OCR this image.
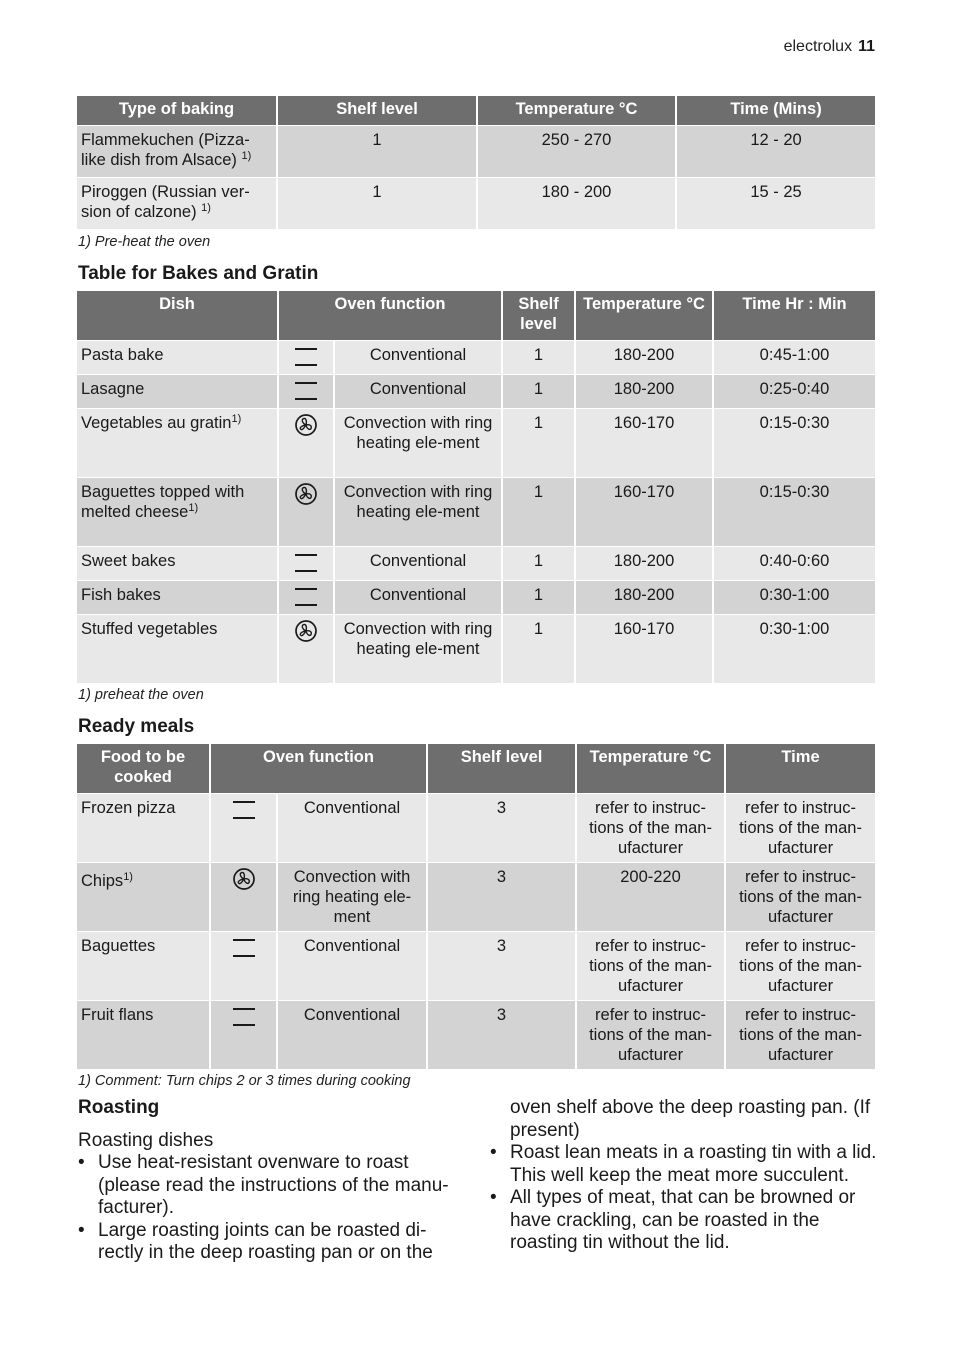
electrolux 11
Type of baking	Shelf level	Temperature °C	Time (Mins)
Flammekuchen (Pizza-like dish from Alsace) $^{1)}$	1	250 - 270	12 - 20
Piroggen (Russian ver-sion of calzone) $^{1)}$	1	180 - 200	15 - 25
1) Pre-heat the oven
Table for Bakes and Gratin
Dish	Oven function		Shelf level	Temperature °C	Time Hr : Min
Pasta bake		Conventional	1	180-200	0:45-1:00
Lasagne		Conventional	1	180-200	0:25-0:40
Vegetables au gratin$^{1)}$		Convection with ring heating ele-ment	1	160-170	0:15-0:30
Baguettes topped with melted cheese$^{1)}$		Convection with ring heating ele-ment	1	160-170	0:15-0:30
Sweet bakes		Conventional	1	180-200	0:40-0:60
Fish bakes		Conventional	1	180-200	0:30-1:00
Stuffed vegetables		Convection with ring heating ele-ment	1	160-170	0:30-1:00
1) preheat the oven
Ready meals
Food to be cooked	Oven function		Shelf level	Temperature °C	Time
Frozen pizza		Conventional	3	refer to instruc-tions of the man-ufacturer	refer to instruc-tions of the man-ufacturer
Chips$^{1)}$		Convection with ring heating ele-ment	3	200-220	refer to instruc-tions of the man-ufacturer
Baguettes		Conventional	3	refer to instruc-tions of the man-ufacturer	refer to instruc-tions of the man-ufacturer
Fruit flans		Conventional	3	refer to instruc-tions of the man-ufacturer	refer to instruc-tions of the man-ufacturer
1) Comment: Turn chips 2 or 3 times during cooking
Roasting
Roasting dishes
• Use heat-resistant ovenware to roast (please read the instructions of the manu-facturer).
• Large roasting joints can be roasted di-rectly in the deep roasting pan or on the
oven shelf above the deep roasting pan. (If present)
• Roast lean meats in a roasting tin with a lid. This well keep the meat more succulent.
• All types of meat, that can be browned or have crackling, can be roasted in the roasting tin without the lid.
